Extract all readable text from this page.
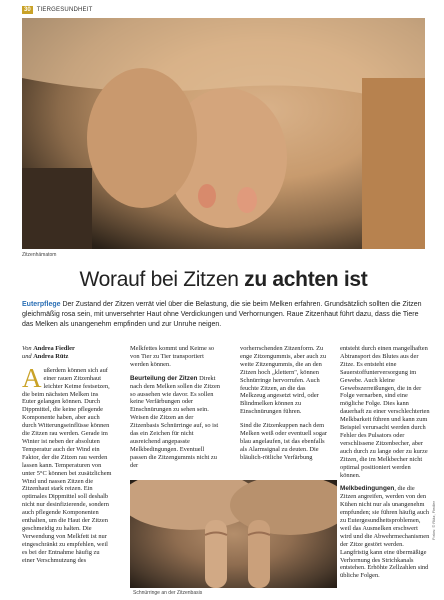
30	TIERGESUNDHEIT
Zitzenhämatom
Worauf bei Zitzen zu achten ist
Euterpflege Der Zustand der Zitzen verrät viel über die Belastung, die sie beim Melken erfahren. Grundsätzlich sollten die Zitzen gleichmäßig rosa sein, mit unversehrter Haut ohne Verdickungen und Verhornungen. Raue Zitzenhaut führt dazu, dass die Tiere das Melken als unangenehm empfinden und zur Unruhe neigen.

Von Andrea Fiedler
und Andrea Rütz

Außerdem können sich auf einer rauen Zitzenhaut leichter Keime festsetzen, die beim nächsten Melken ins Euter gelangen können. Durch Dippmittel, die keine pflegende Komponente haben, aber auch durch Witterungseinflüsse können die Zitzen rau werden. Gerade im Winter ist neben der absoluten Temperatur auch der Wind ein Faktor, der die Zitzen rau werden lassen kann. Temperaturen von unter 5°C können bei zusätzlichem Wind und nassen Zitzen die Zitzenhaut stark reizen. Ein optimales Dippmittel soll deshalb nicht nur desinfizierende, sondern auch pflegende Komponenten enthalten, um die Haut der Zitzen geschmeidig zu halten. Die Verwendung von Melkfett ist nur eingeschränkt zu empfehlen, weil es bei der Entnahme häufig zu einer Verschmutzung des

Melkfettes kommt und Keime so von Tier zu Tier transportiert werden können.

Beurteilung der Zitzen Direkt nach dem Melken sollen die Zitzen so aussehen wie davor. Es sollen keine Verfärbungen oder Einschnürungen zu sehen sein. Weisen die Zitzen an der Zitzenbasis Schnürringe auf, so ist das ein Zeichen für nicht ausreichend angepasste Melkbedingungen. Eventuell passen die Zitzengummis nicht zu der

vorherrschenden Zitzenform. Zu enge Zitzengummis, aber auch zu weite Zitzengummis, die an den Zitzen hoch „klettern", können Schnürringe hervorrufen. Auch feuchte Zitzen, an die das Melkzeug angesetzt wird, oder Blindmelken können zu Einschnürungen führen.

Sind die Zitzenkuppen nach dem Melken weiß oder eventuell sogar blau angelaufen, ist das ebenfalls als Alarmsignal zu deuten. Die bläulich-rötliche Verfärbung

entsteht durch einen mangelhaften Abtransport des Blutes aus der Zitze. Es entsteht eine Sauerstoffunterversorgung im Gewebe. Auch kleine Gewebszerreißungen, die in der Folge vernarben, sind eine mögliche Folge. Dies kann dauerhaft zu einer verschlechterten Melkbarkeit führen und kann zum Beispiel verursacht werden durch Fehler des Pulsators oder verschlissene Zitzenbecher, aber auch durch zu lange oder zu kurze Zitzen, die im Melkbecher nicht optimal positioniert werden können.

Melkbedingungen, die die Zitzen angreifen, werden von den Kühen nicht nur als unangenehm empfunden; sie führen häufig auch zu Eutergesundheitsproblemen, weil das Ausmelken erschwert wird und die Abwehrmechanismen der Zitze gestört werden. Langfristig kann eine übermäßige Verhornung des Strichkanals entstehen. Erhöhte Zellzahlen sind übliche Folgen.

Schnürringe an der Zitzenbasis
Fotos: © Rütz, Fiedler
